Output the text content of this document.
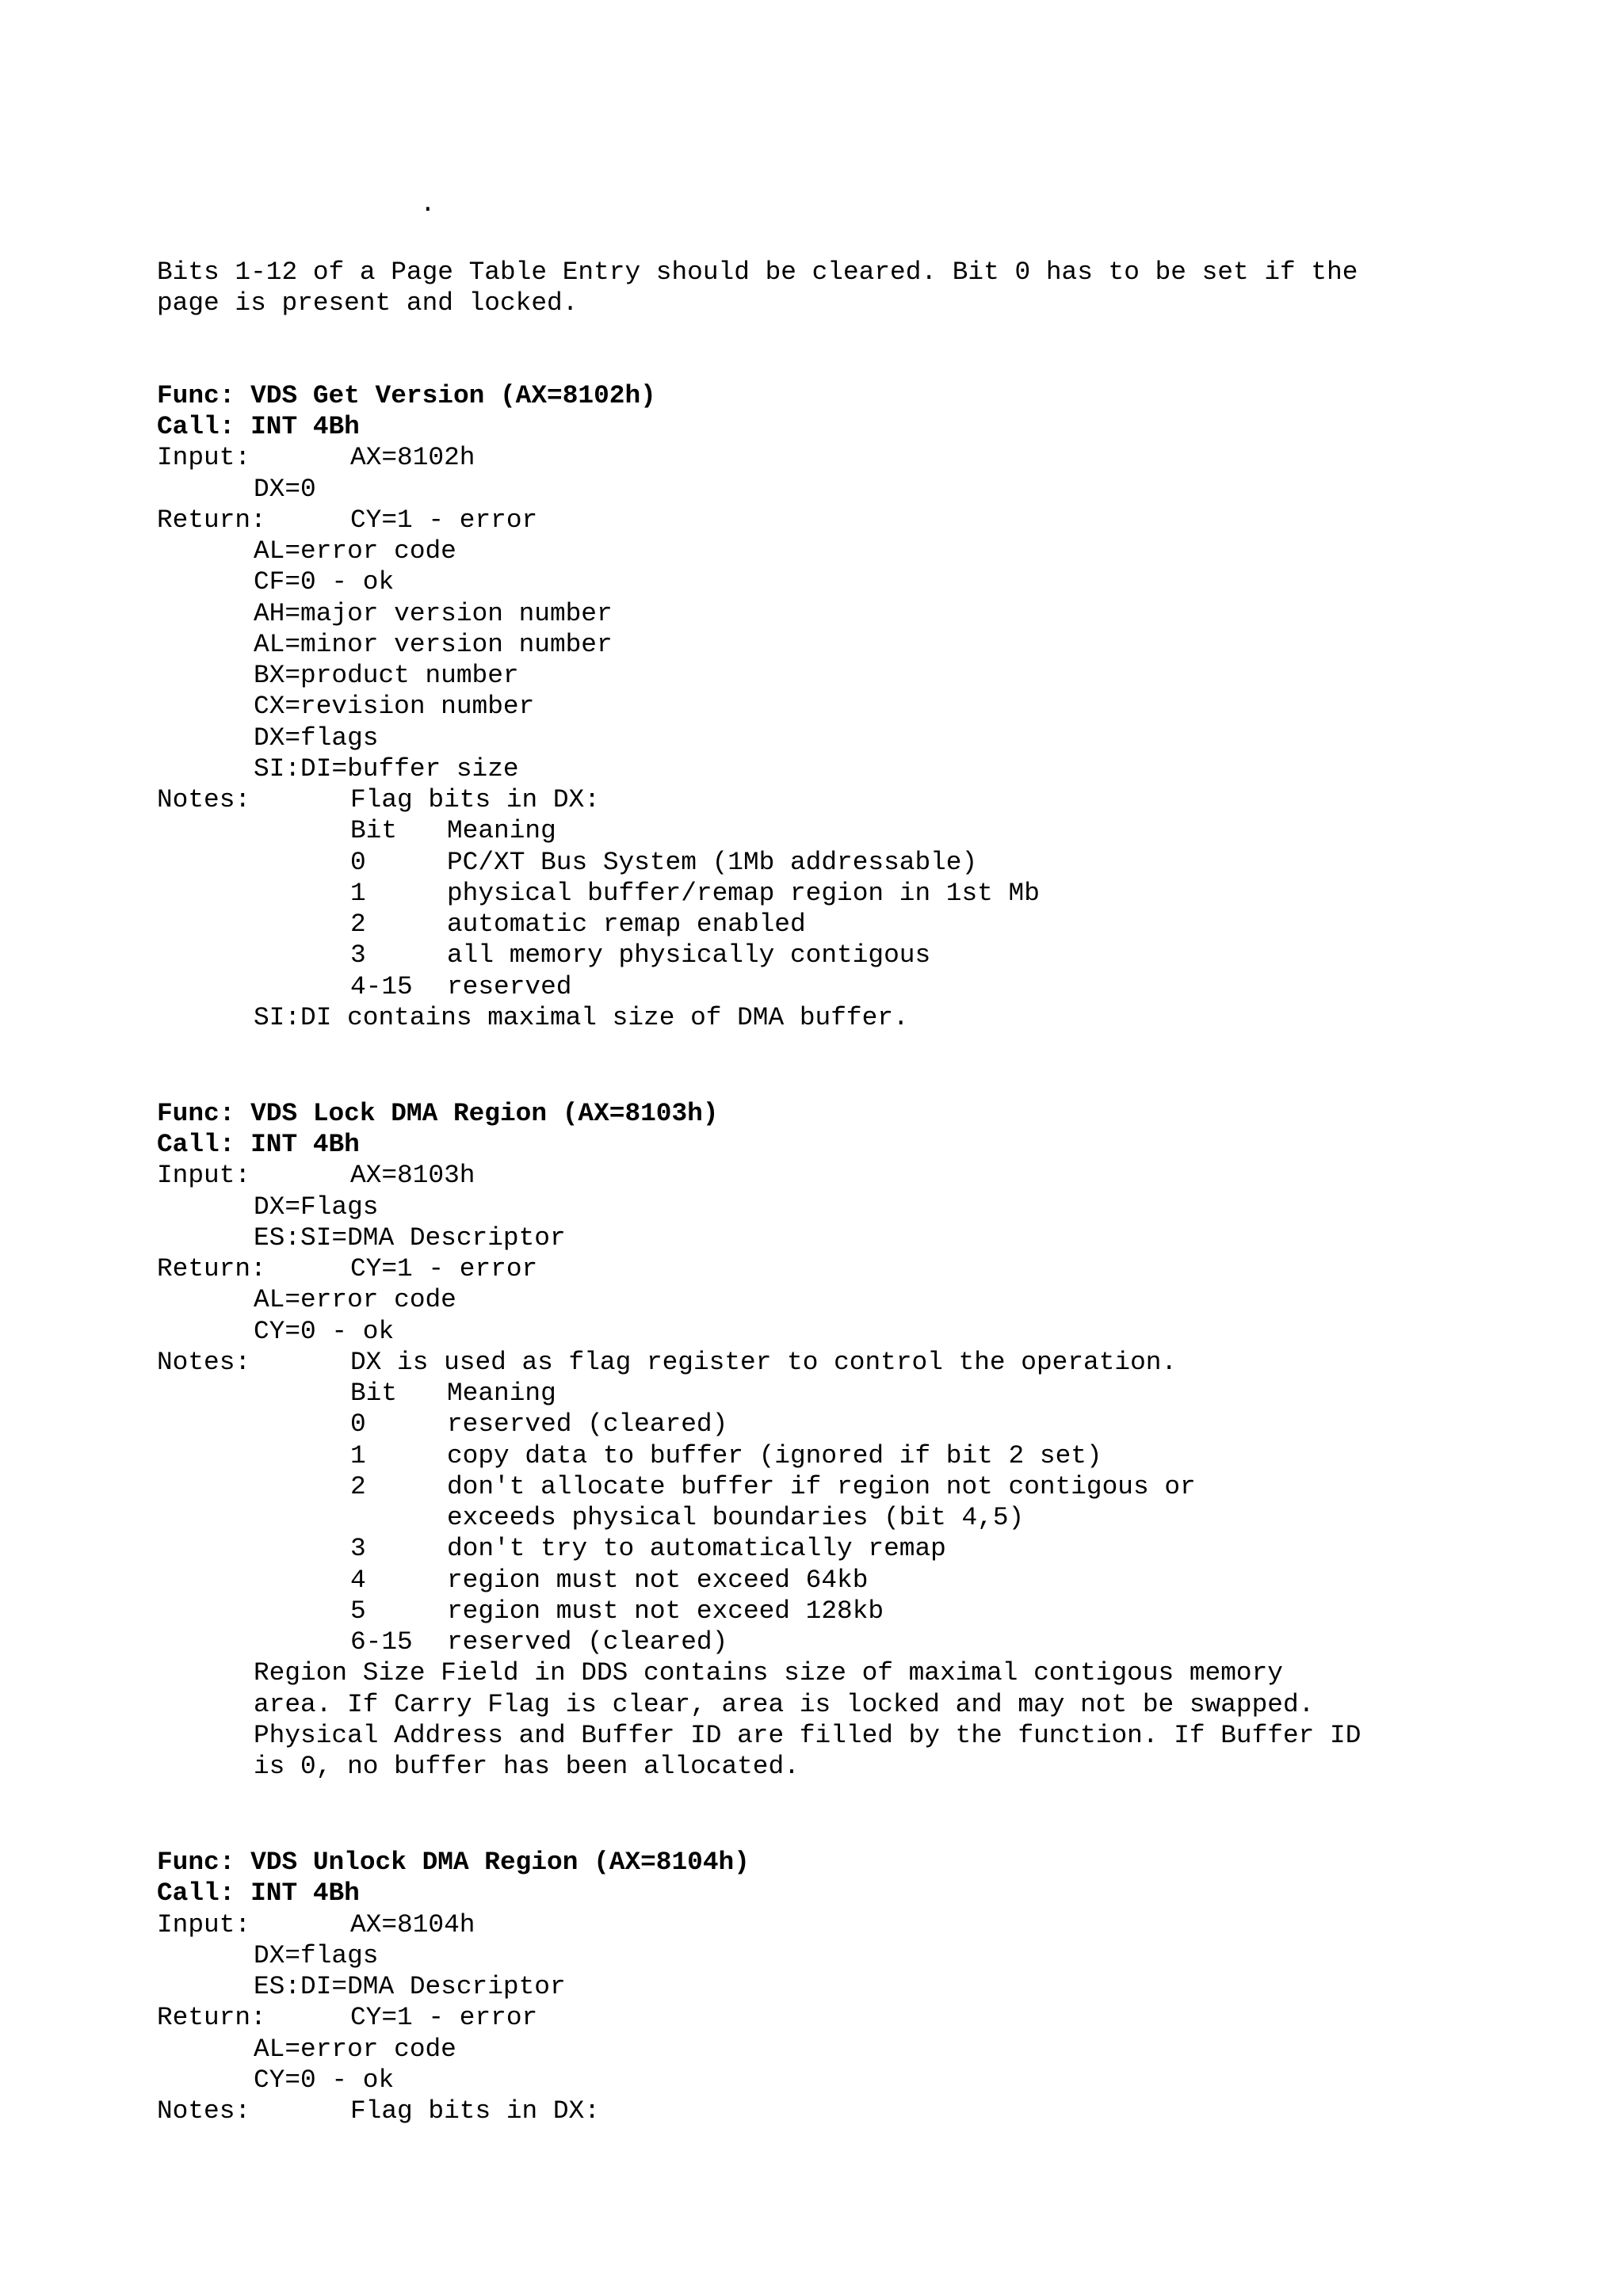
.
Bits 1-12 of a Page Table Entry should be cleared. Bit 0 has to be set if the
page is present and locked.
Func: VDS Get Version (AX=8102h)
Call: INT 4Bh
Input:	AX=8102h
DX=0
Return:	CY=1 - error
AL=error code
CF=0 - ok
AH=major version number
AL=minor version number
BX=product number
CX=revision number
DX=flags
SI:DI=buffer size
Notes:	Flag bits in DX:
Bit Meaning
0	PC/XT Bus System (1Mb addressable)
1	physical buffer/remap region in 1st Mb
2	automatic remap enabled
3	all memory physically contigous
4-15 reserved
SI:DI contains maximal size of DMA buffer.
Func: VDS Lock DMA Region (AX=8103h)
Call: INT 4Bh
Input:	AX=8103h
DX=Flags
ES:SI=DMA Descriptor
Return:	CY=1 - error
AL=error code
CY=0 - ok
Notes:	DX is used as flag register to control the operation.
Bit Meaning
0	reserved (cleared)
1	copy data to buffer (ignored if bit 2 set)
2	don't allocate buffer if region not contigous or
exceeds physical boundaries (bit 4,5)
3	don't try to automatically remap
4	region must not exceed 64kb
5	region must not exceed 128kb
6-15 reserved (cleared)
Region Size Field in DDS contains size of maximal contigous memory
area. If Carry Flag is clear, area is locked and may not be swapped.
Physical Address and Buffer ID are filled by the function. If Buffer ID
is 0, no buffer has been allocated.
Func: VDS Unlock DMA Region (AX=8104h)
Call: INT 4Bh
Input:	AX=8104h
DX=flags
ES:DI=DMA Descriptor
Return:	CY=1 - error
AL=error code
CY=0 - ok
Notes:	Flag bits in DX:
